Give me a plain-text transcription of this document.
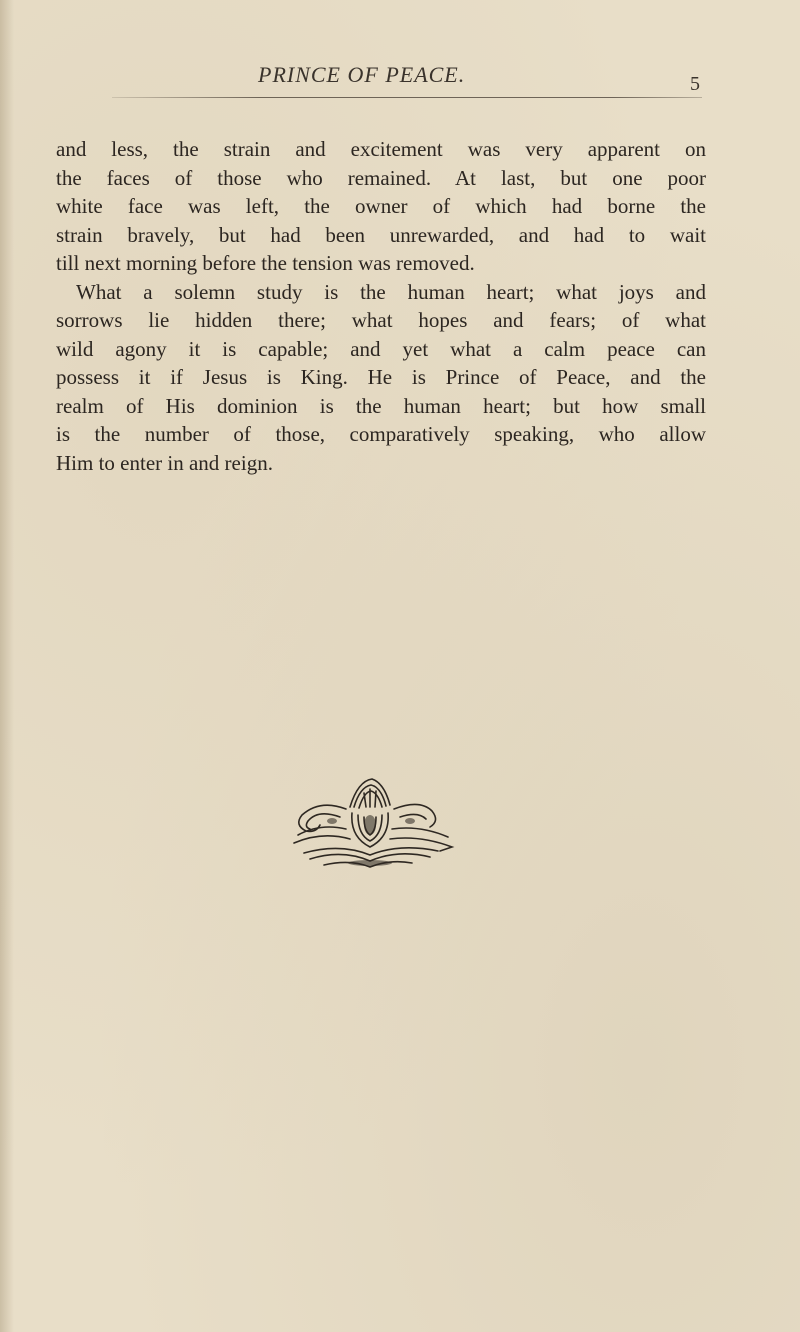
PRINCE OF PEACE.	5
and less, the strain and excitement was very apparent on
the faces of those who remained. At last, but one poor
white face was left, the owner of which had borne the
strain bravely, but had been unrewarded, and had to wait
till next morning before the tension was removed.
What a solemn study is the human heart; what joys and
sorrows lie hidden there; what hopes and fears; of what
wild agony it is capable; and yet what a calm peace can
possess it if Jesus is King. He is Prince of Peace, and the
realm of His dominion is the human heart; but how small
is the number of those, comparatively speaking, who allow
Him to enter in and reign.
